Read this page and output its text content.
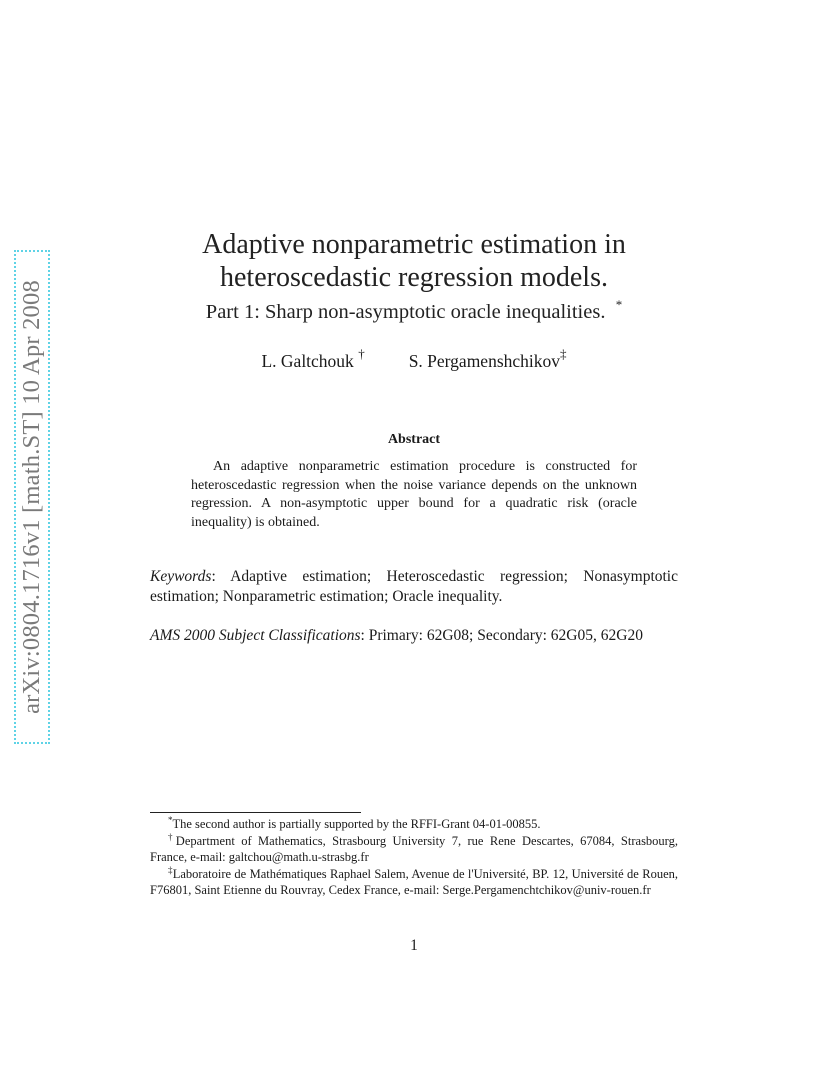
arXiv:0804.1716v1 [math.ST] 10 Apr 2008
Adaptive nonparametric estimation in
heteroscedastic regression models.
Part 1: Sharp non-asymptotic oracle inequalities. *
L. Galtchouk †	S. Pergamenshchikov‡
Abstract
An adaptive nonparametric estimation procedure is constructed for heteroscedastic regression when the noise variance depends on the unknown regression. A non-asymptotic upper bound for a quadratic risk (oracle inequality) is obtained.
Keywords: Adaptive estimation; Heteroscedastic regression; Nonasymptotic estimation; Nonparametric estimation; Oracle inequality.
AMS 2000 Subject Classifications: Primary: 62G08; Secondary: 62G05, 62G20

*The second author is partially supported by the RFFI-Grant 04-01-00855.

†Department of Mathematics, Strasbourg University 7, rue Rene Descartes, 67084, Strasbourg, France, e-mail: galtchou@math.u-strasbg.fr

‡Laboratoire de Mathématiques Raphael Salem, Avenue de l'Université, BP. 12, Université de Rouen, F76801, Saint Etienne du Rouvray, Cedex France, e-mail: Serge.Pergamenchtchikov@univ-rouen.fr

1
